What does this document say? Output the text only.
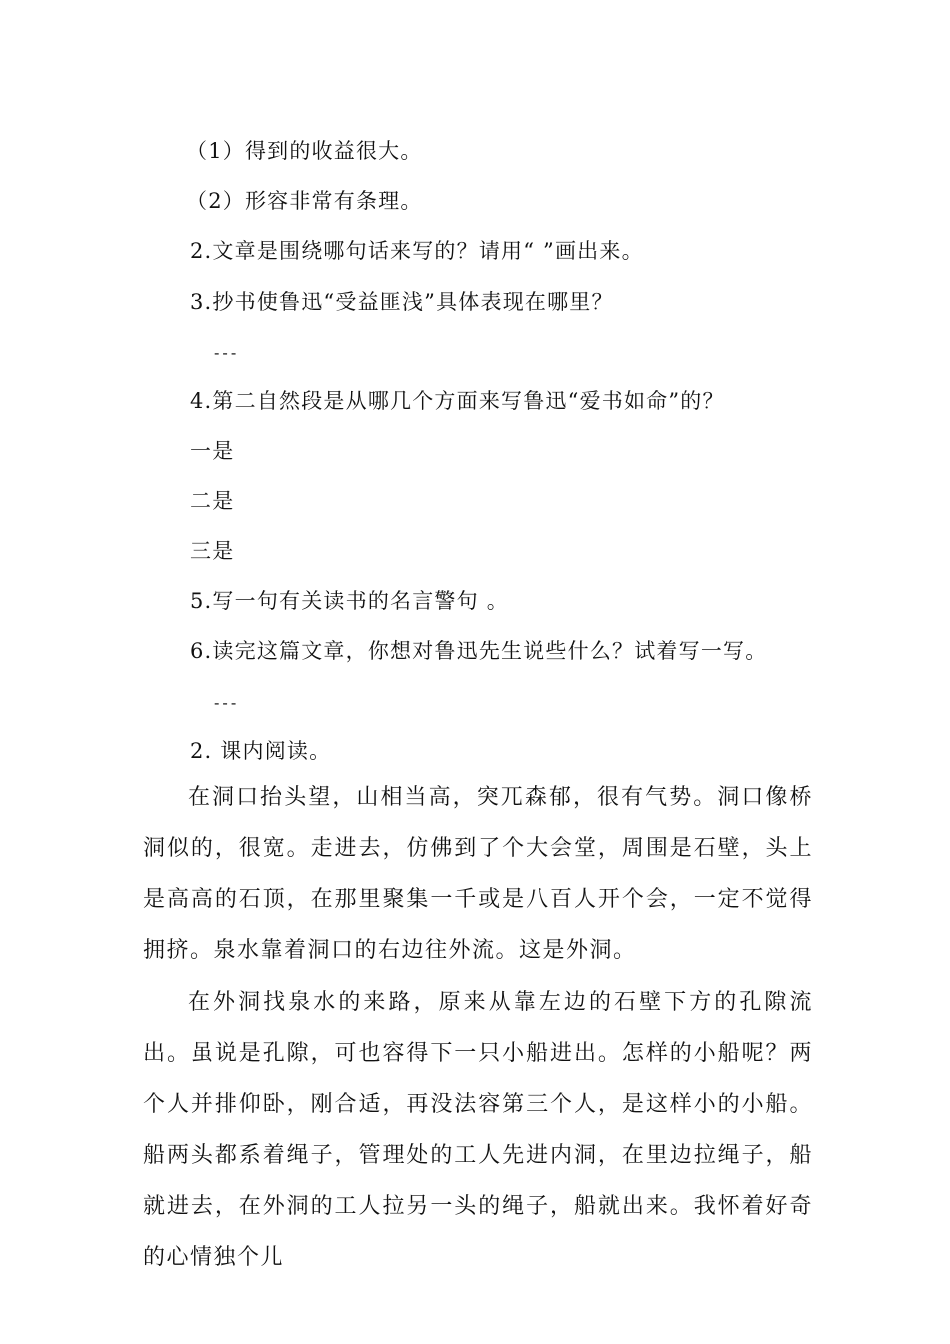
（1）得到的收益很大。
（2）形容非常有条理。
2.文章是围绕哪句话来写的？请用“ ”画出来。
3.抄书使鲁迅“受益匪浅”具体表现在哪里？
---
4.第二自然段是从哪几个方面来写鲁迅“爱书如命”的？
一是
二是
三是
5.写一句有关读书的名言警句 。
6.读完这篇文章，你想对鲁迅先生说些什么？试着写一写。
---
2. 课内阅读。

在洞口抬头望，山相当高，突兀森郁，很有气势。洞口像桥洞似的，很宽。走进去，仿佛到了个大会堂，周围是石壁，头上是高高的石顶，在那里聚集一千或是八百人开个会，一定不觉得拥挤。泉水靠着洞口的右边往外流。这是外洞。

在外洞找泉水的来路，原来从靠左边的石壁下方的孔隙流出。虽说是孔隙，可也容得下一只小船进出。怎样的小船呢？两个人并排仰卧，刚合适，再没法容第三个人，是这样小的小船。船两头都系着绳子，管理处的工人先进内洞，在里边拉绳子，船就进去，在外洞的工人拉另一头的绳子，船就出来。我怀着好奇的心情独个儿
